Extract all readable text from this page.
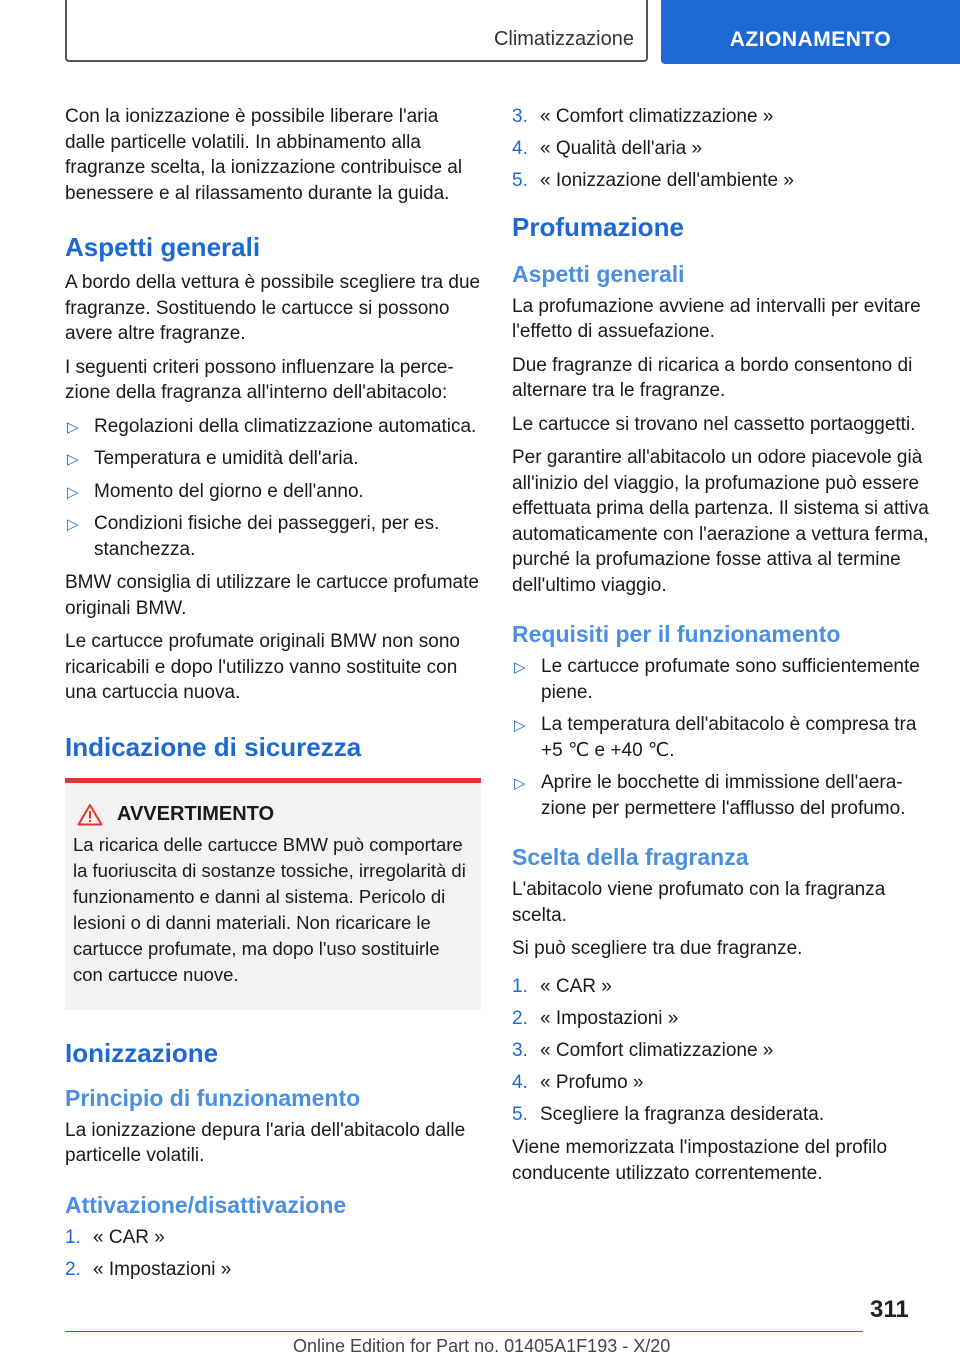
Climatizzazione	AZIONAMENTO

Con la ionizzazione è possibile liberare l'aria dalle particelle volatili. In abbinamento alla fragranze scelta, la ionizzazione contribuisce al benessere e al rilassamento durante la guida.

Aspetti generali

A bordo della vettura è possibile scegliere tra due fragranze. Sostituendo le cartucce si possono avere altre fragranze.

I seguenti criteri possono influenzare la percezione della fragranza all'interno dell'abitacolo:

▷ Regolazioni della climatizzazione automatica.
▷ Temperatura e umidità dell'aria.
▷ Momento del giorno e dell'anno.
▷ Condizioni fisiche dei passeggeri, per es. stanchezza.

BMW consiglia di utilizzare le cartucce profumate originali BMW.

Le cartucce profumate originali BMW non sono ricaricabili e dopo l'utilizzo vanno sostituite con una cartuccia nuova.

Indicazione di sicurezza
AVVERTIMENTO

La ricarica delle cartucce BMW può comportare la fuoriuscita di sostanze tossiche, irregolarità di funzionamento e danni al sistema. Pericolo di lesioni o di danni materiali. Non ricaricare le cartucce profumate, ma dopo l'uso sostituirle con cartucce nuove.

Ionizzazione
Principio di funzionamento

La ionizzazione depura l'aria dell'abitacolo dalle particelle volatili.

Attivazione/disattivazione
1. « CAR »
2. « Impostazioni »
3. « Comfort climatizzazione »
4. « Qualità dell'aria »
5. « Ionizzazione dell'ambiente »
Profumazione
Aspetti generali

La profumazione avviene ad intervalli per evitare l'effetto di assuefazione.

Due fragranze di ricarica a bordo consentono di alternare tra le fragranze.

Le cartucce si trovano nel cassetto portaoggetti.

Per garantire all'abitacolo un odore piacevole già all'inizio del viaggio, la profumazione può essere effettuata prima della partenza. Il sistema si attiva automaticamente con l'aerazione a vettura ferma, purché la profumazione fosse attiva al termine dell'ultimo viaggio.

Requisiti per il funzionamento
▷ Le cartucce profumate sono sufficientemente piene.
▷ La temperatura dell'abitacolo è compresa tra +5 ℃ e +40 ℃.
▷ Aprire le bocchette di immissione dell'aerazione per permettere l'afflusso del profumo.
Scelta della fragranza

L'abitacolo viene profumato con la fragranza scelta.

Si può scegliere tra due fragranze.

1. « CAR »
2. « Impostazioni »
3. « Comfort climatizzazione »
4. « Profumo »
5. Scegliere la fragranza desiderata.

Viene memorizzata l'impostazione del profilo conducente utilizzato correntemente.

311
Online Edition for Part no. 01405A1F193 - X/20
